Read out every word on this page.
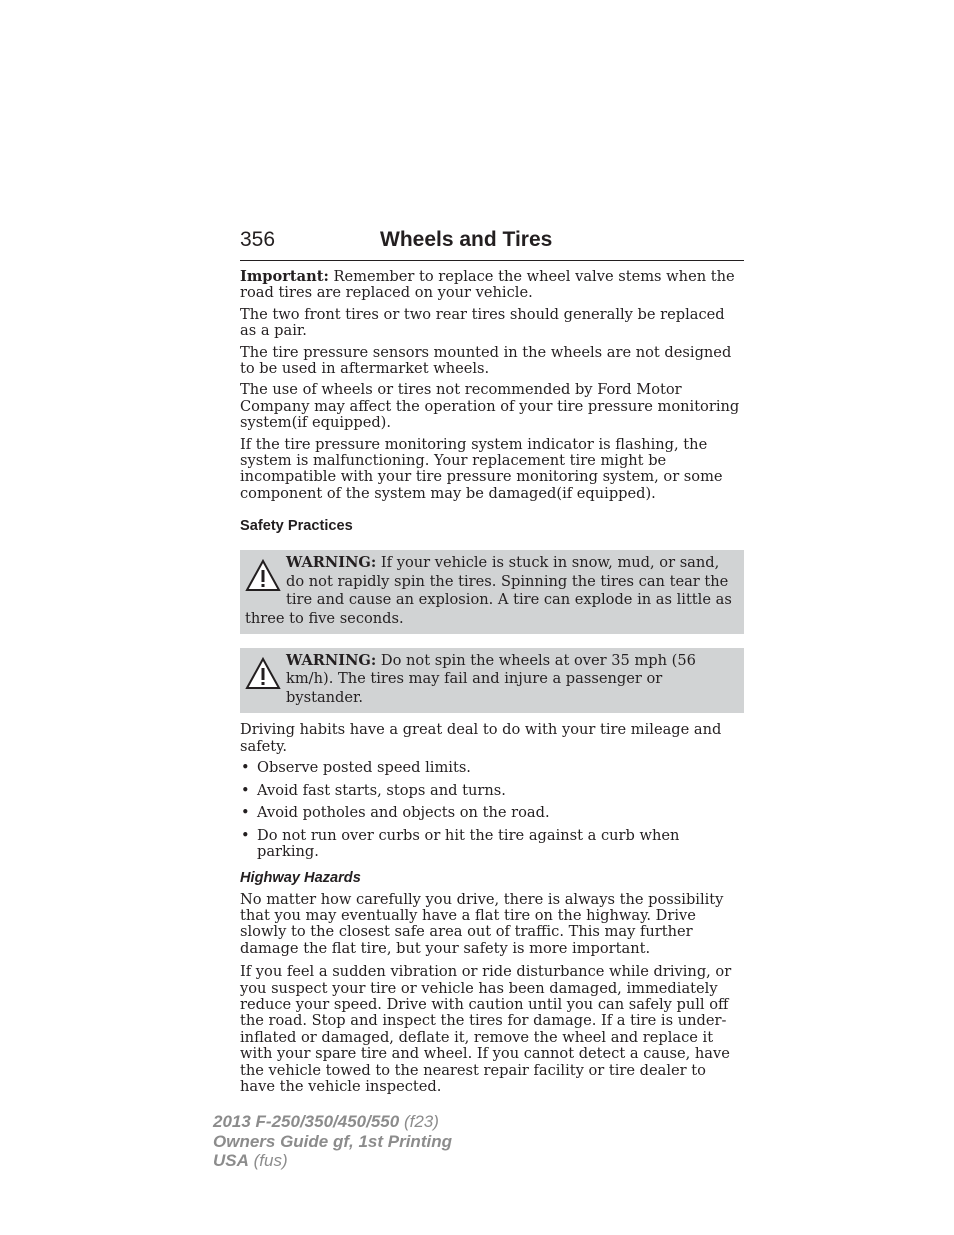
356	Wheels and Tires

Important: Remember to replace the wheel valve stems when the road tires are replaced on your vehicle.

The two front tires or two rear tires should generally be replaced as a pair.

The tire pressure sensors mounted in the wheels are not designed to be used in aftermarket wheels.

The use of wheels or tires not recommended by Ford Motor Company may affect the operation of your tire pressure monitoring system(if equipped).

If the tire pressure monitoring system indicator is flashing, the system is malfunctioning. Your replacement tire might be incompatible with your tire pressure monitoring system, or some component of the system may be damaged(if equipped).

Safety Practices
WARNING: If your vehicle is stuck in snow, mud, or sand, do not rapidly spin the tires. Spinning the tires can tear the tire and cause an explosion. A tire can explode in as little as three to five seconds.
WARNING: Do not spin the wheels at over 35 mph (56 km/h). The tires may fail and injure a passenger or bystander.

Driving habits have a great deal to do with your tire mileage and safety.

• Observe posted speed limits.
• Avoid fast starts, stops and turns.
• Avoid potholes and objects on the road.
• Do not run over curbs or hit the tire against a curb when parking.
Highway Hazards

No matter how carefully you drive, there is always the possibility that you may eventually have a flat tire on the highway. Drive slowly to the closest safe area out of traffic. This may further damage the flat tire, but your safety is more important.

If you feel a sudden vibration or ride disturbance while driving, or you suspect your tire or vehicle has been damaged, immediately reduce your speed. Drive with caution until you can safely pull off the road. Stop and inspect the tires for damage. If a tire is under-inflated or damaged, deflate it, remove the wheel and replace it with your spare tire and wheel. If you cannot detect a cause, have the vehicle towed to the nearest repair facility or tire dealer to have the vehicle inspected.

2013 F-250/350/450/550 (f23)
Owners Guide gf, 1st Printing
USA (fus)
